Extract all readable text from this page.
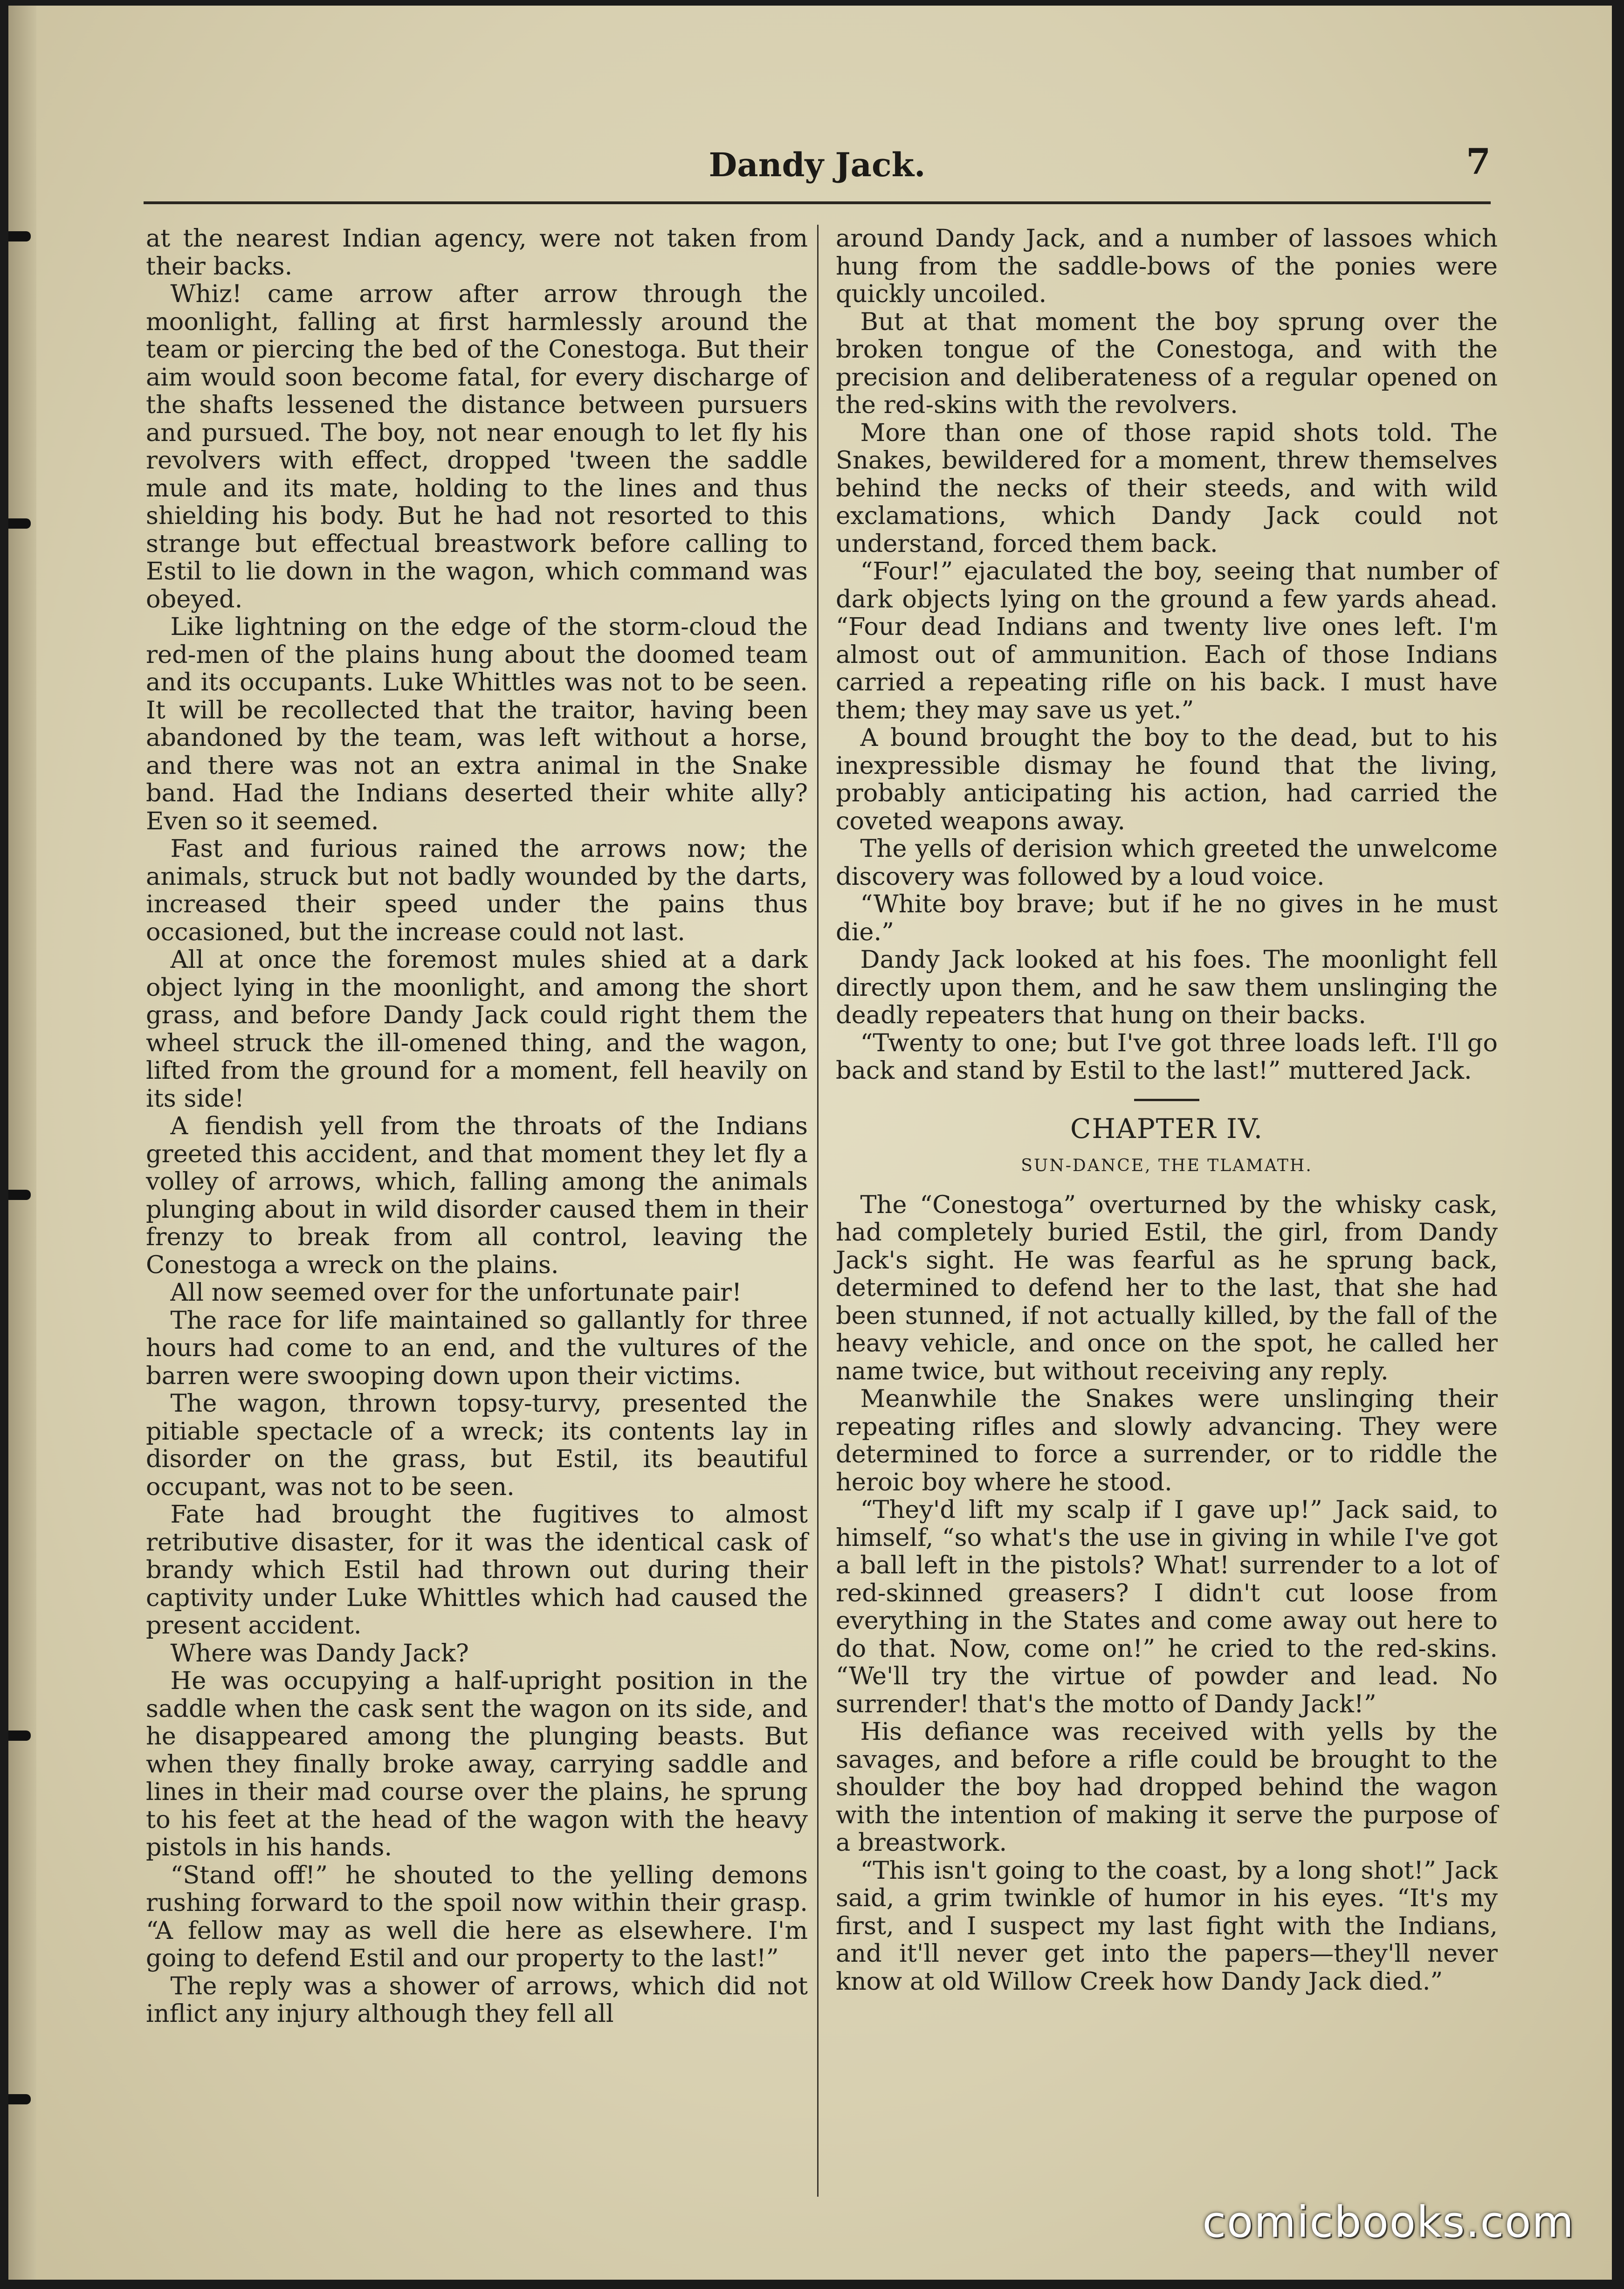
Dandy Jack.	7

at the nearest Indian agency, were not taken from their backs.

Whiz! came arrow after arrow through the moonlight, falling at first harmlessly around the team or piercing the bed of the Conestoga. But their aim would soon become fatal, for every discharge of the shafts lessened the distance between pursuers and pursued. The boy, not near enough to let fly his revolvers with effect, dropped 'tween the saddle mule and its mate, holding to the lines and thus shielding his body. But he had not resorted to this strange but effectual breastwork before calling to Estil to lie down in the wagon, which command was obeyed.

Like lightning on the edge of the storm-cloud the red-men of the plains hung about the doomed team and its occupants. Luke Whittles was not to be seen. It will be recollected that the traitor, having been abandoned by the team, was left without a horse, and there was not an extra animal in the Snake band. Had the Indians deserted their white ally? Even so it seemed.

Fast and furious rained the arrows now; the animals, struck but not badly wounded by the darts, increased their speed under the pains thus occasioned, but the increase could not last.

All at once the foremost mules shied at a dark object lying in the moonlight, and among the short grass, and before Dandy Jack could right them the wheel struck the ill-omened thing, and the wagon, lifted from the ground for a moment, fell heavily on its side!

A fiendish yell from the throats of the Indians greeted this accident, and that moment they let fly a volley of arrows, which, falling among the animals plunging about in wild disorder caused them in their frenzy to break from all control, leaving the Conestoga a wreck on the plains.

All now seemed over for the unfortunate pair!

The race for life maintained so gallantly for three hours had come to an end, and the vultures of the barren were swooping down upon their victims.

The wagon, thrown topsy-turvy, presented the pitiable spectacle of a wreck; its contents lay in disorder on the grass, but Estil, its beautiful occupant, was not to be seen.

Fate had brought the fugitives to almost retributive disaster, for it was the identical cask of brandy which Estil had thrown out during their captivity under Luke Whittles which had caused the present accident.

Where was Dandy Jack?

He was occupying a half-upright position in the saddle when the cask sent the wagon on its side, and he disappeared among the plunging beasts. But when they finally broke away, carrying saddle and lines in their mad course over the plains, he sprung to his feet at the head of the wagon with the heavy pistols in his hands.

“Stand off!” he shouted to the yelling demons rushing forward to the spoil now within their grasp. “A fellow may as well die here as elsewhere. I'm going to defend Estil and our property to the last!”

The reply was a shower of arrows, which did not inflict any injury although they fell all

around Dandy Jack, and a number of lassoes which hung from the saddle-bows of the ponies were quickly uncoiled.

But at that moment the boy sprung over the broken tongue of the Conestoga, and with the precision and deliberateness of a regular opened on the red-skins with the revolvers.

More than one of those rapid shots told. The Snakes, bewildered for a moment, threw themselves behind the necks of their steeds, and with wild exclamations, which Dandy Jack could not understand, forced them back.

“Four!” ejaculated the boy, seeing that number of dark objects lying on the ground a few yards ahead. “Four dead Indians and twenty live ones left. I'm almost out of ammunition. Each of those Indians carried a repeating rifle on his back. I must have them; they may save us yet.”

A bound brought the boy to the dead, but to his inexpressible dismay he found that the living, probably anticipating his action, had carried the coveted weapons away.

The yells of derision which greeted the unwelcome discovery was followed by a loud voice.

“White boy brave; but if he no gives in he must die.”

Dandy Jack looked at his foes. The moonlight fell directly upon them, and he saw them unslinging the deadly repeaters that hung on their backs.

“Twenty to one; but I've got three loads left. I'll go back and stand by Estil to the last!” muttered Jack.

CHAPTER IV.
SUN-DANCE, THE TLAMATH.

The “Conestoga” overturned by the whisky cask, had completely buried Estil, the girl, from Dandy Jack's sight. He was fearful as he sprung back, determined to defend her to the last, that she had been stunned, if not actually killed, by the fall of the heavy vehicle, and once on the spot, he called her name twice, but without receiving any reply.

Meanwhile the Snakes were unslinging their repeating rifles and slowly advancing. They were determined to force a surrender, or to riddle the heroic boy where he stood.

“They'd lift my scalp if I gave up!” Jack said, to himself, “so what's the use in giving in while I've got a ball left in the pistols? What! surrender to a lot of red-skinned greasers? I didn't cut loose from everything in the States and come away out here to do that. Now, come on!” he cried to the red-skins. “We'll try the virtue of powder and lead. No surrender! that's the motto of Dandy Jack!”

His defiance was received with yells by the savages, and before a rifle could be brought to the shoulder the boy had dropped behind the wagon with the intention of making it serve the purpose of a breastwork.

“This isn't going to the coast, by a long shot!” Jack said, a grim twinkle of humor in his eyes. “It's my first, and I suspect my last fight with the Indians, and it'll never get into the papers—they'll never know at old Willow Creek how Dandy Jack died.”

comicbooks.com
